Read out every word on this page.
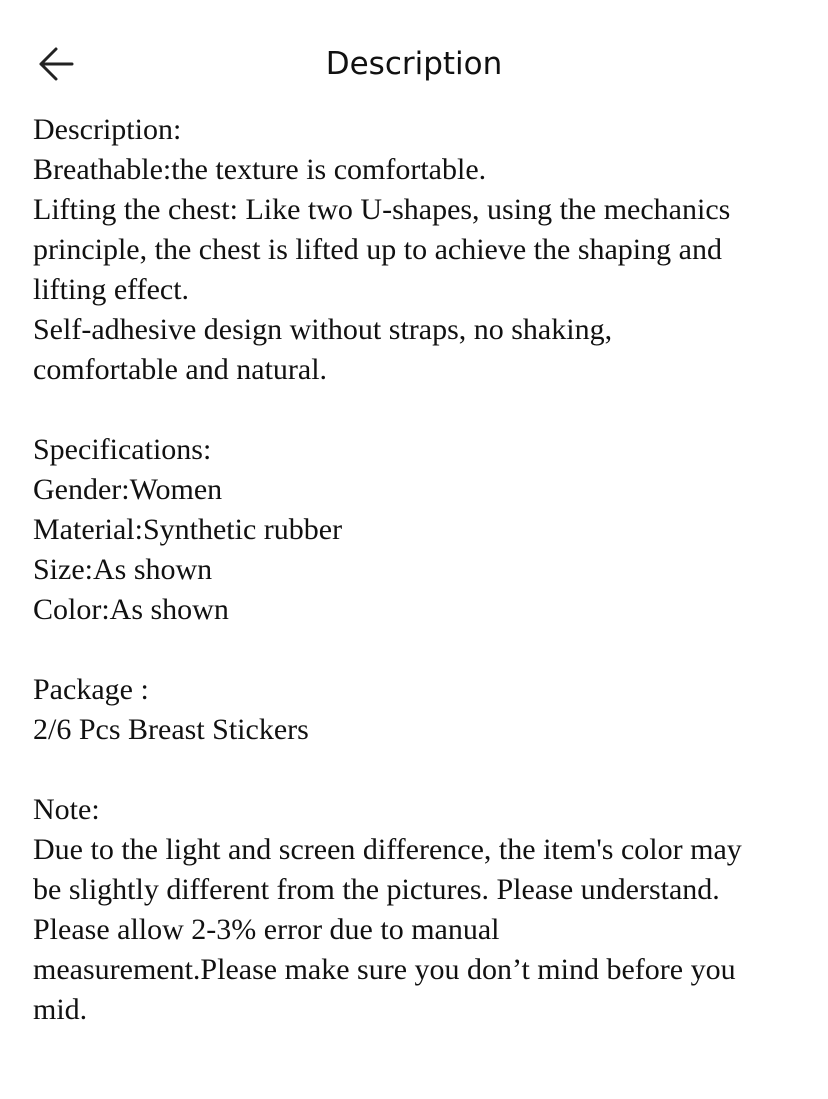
Description
Description:
Breathable:the texture is comfortable.
Lifting the chest: Like two U-shapes, using the mechanics
principle, the chest is lifted up to achieve the shaping and
lifting effect.
Self-adhesive design without straps, no shaking,
comfortable and natural.
Specifications:
Gender:Women
Material:Synthetic rubber
Size:As shown
Color:As shown
Package :
2/6 Pcs Breast Stickers
Note:
Due to the light and screen difference, the item's color may
be slightly different from the pictures. Please understand.
Please allow 2-3% error due to manual
measurement.Please make sure you don’t mind before you
mid.
